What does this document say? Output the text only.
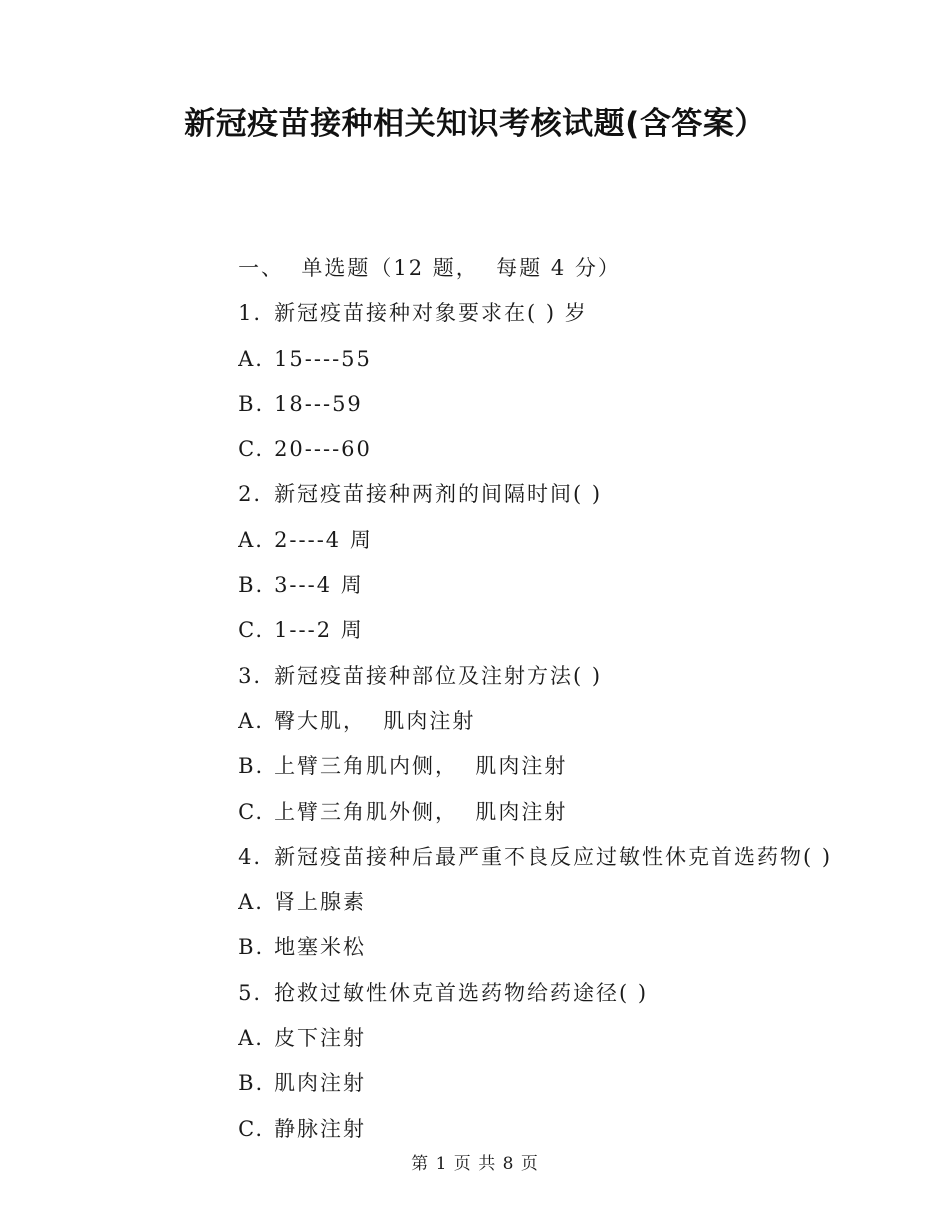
新冠疫苗接种相关知识考核试题(含答案）

一、  单选题（12 题，  每题 4 分）

1. 新冠疫苗接种对象要求在( ) 岁

A. 15----55

B. 18---59

C. 20----60

2. 新冠疫苗接种两剂的间隔时间( )

A. 2----4 周

B. 3---4 周

C. 1---2 周

3. 新冠疫苗接种部位及注射方法( )

A. 臀大肌，  肌肉注射

B. 上臂三角肌内侧，  肌肉注射

C. 上臂三角肌外侧，  肌肉注射

4. 新冠疫苗接种后最严重不良反应过敏性休克首选药物( )

A. 肾上腺素

B. 地塞米松

5. 抢救过敏性休克首选药物给药途径( )

A. 皮下注射

B. 肌肉注射

C. 静脉注射

第 1 页 共 8 页
